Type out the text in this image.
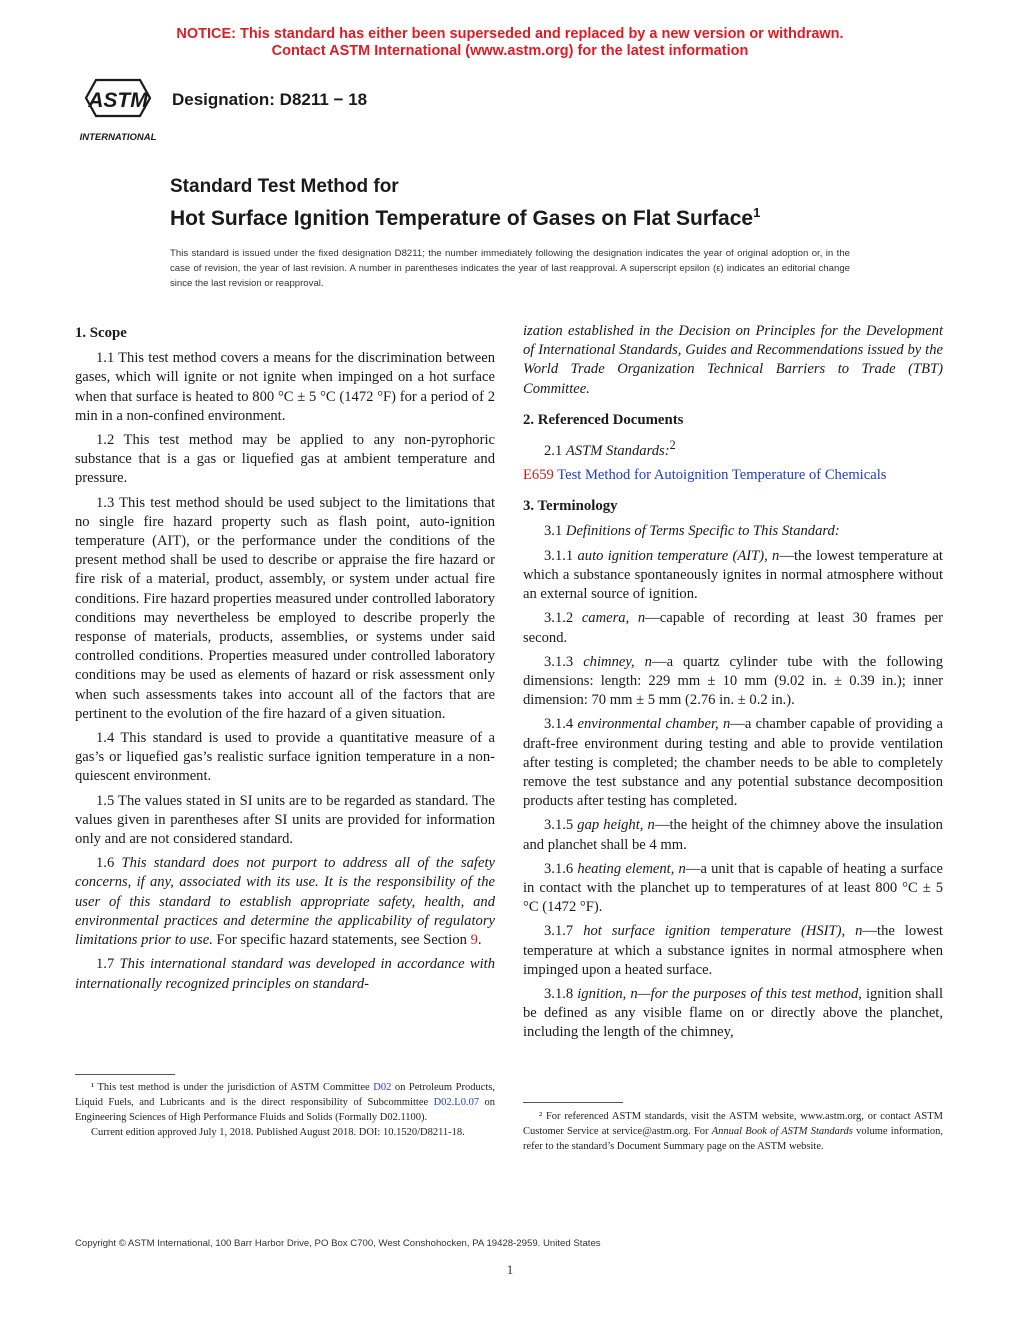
NOTICE: This standard has either been superseded and replaced by a new version or withdrawn.
Contact ASTM International (www.astm.org) for the latest information
ASTM
INTERNATIONAL
Designation: D8211 − 18
Standard Test Method for
Hot Surface Ignition Temperature of Gases on Flat Surface$^1$
This standard is issued under the fixed designation D8211; the number immediately following the designation indicates the year of original adoption or, in the case of revision, the year of last revision. A number in parentheses indicates the year of last reapproval. A superscript epsilon (ε) indicates an editorial change since the last revision or reapproval.
1. Scope

1.1 This test method covers a means for the discrimination between gases, which will ignite or not ignite when impinged on a hot surface when that surface is heated to 800 °C ± 5 °C (1472 °F) for a period of 2 min in a non-confined environment.

1.2 This test method may be applied to any non-pyrophoric substance that is a gas or liquefied gas at ambient temperature and pressure.

1.3 This test method should be used subject to the limitations that no single fire hazard property such as flash point, auto-ignition temperature (AIT), or the performance under the conditions of the present method shall be used to describe or appraise the fire hazard or fire risk of a material, product, assembly, or system under actual fire conditions. Fire hazard properties measured under controlled laboratory conditions may nevertheless be employed to describe properly the response of materials, products, assemblies, or systems under said controlled conditions. Properties measured under controlled laboratory conditions may be used as elements of hazard or risk assessment only when such assessments takes into account all of the factors that are pertinent to the evolution of the fire hazard of a given situation.

1.4 This standard is used to provide a quantitative measure of a gas’s or liquefied gas’s realistic surface ignition temperature in a non-quiescent environment.

1.5 The values stated in SI units are to be regarded as standard. The values given in parentheses after SI units are provided for information only and are not considered standard.

1.6 This standard does not purport to address all of the safety concerns, if any, associated with its use. It is the responsibility of the user of this standard to establish appropriate safety, health, and environmental practices and determine the applicability of regulatory limitations prior to use. For specific hazard statements, see Section 9.

1.7 This international standard was developed in accordance with internationally recognized principles on standard-

ization established in the Decision on Principles for the Development of International Standards, Guides and Recommendations issued by the World Trade Organization Technical Barriers to Trade (TBT) Committee.

2. Referenced Documents

2.1 ASTM Standards:$^2$

E659 Test Method for Autoignition Temperature of Chemicals

3. Terminology

3.1 Definitions of Terms Specific to This Standard:

3.1.1 auto ignition temperature (AIT), n—the lowest temperature at which a substance spontaneously ignites in normal atmosphere without an external source of ignition.

3.1.2 camera, n—capable of recording at least 30 frames per second.

3.1.3 chimney, n—a quartz cylinder tube with the following dimensions: length: 229 mm ± 10 mm (9.02 in. ± 0.39 in.); inner dimension: 70 mm ± 5 mm (2.76 in. ± 0.2 in.).

3.1.4 environmental chamber, n—a chamber capable of providing a draft-free environment during testing and able to provide ventilation after testing is completed; the chamber needs to be able to completely remove the test substance and any potential substance decomposition products after testing has completed.

3.1.5 gap height, n—the height of the chimney above the insulation and planchet shall be 4 mm.

3.1.6 heating element, n—a unit that is capable of heating a surface in contact with the planchet up to temperatures of at least 800 °C ± 5 °C (1472 °F).

3.1.7 hot surface ignition temperature (HSIT), n—the lowest temperature at which a substance ignites in normal atmosphere when impinged upon a heated surface.

3.1.8 ignition, n—for the purposes of this test method, ignition shall be defined as any visible flame on or directly above the planchet, including the length of the chimney,

¹ This test method is under the jurisdiction of ASTM Committee D02 on Petroleum Products, Liquid Fuels, and Lubricants and is the direct responsibility of Subcommittee D02.L0.07 on Engineering Sciences of High Performance Fluids and Solids (Formally D02.1100).

Current edition approved July 1, 2018. Published August 2018. DOI: 10.1520/D8211-18.

² For referenced ASTM standards, visit the ASTM website, www.astm.org, or contact ASTM Customer Service at service@astm.org. For Annual Book of ASTM Standards volume information, refer to the standard’s Document Summary page on the ASTM website.

Copyright © ASTM International, 100 Barr Harbor Drive, PO Box C700, West Conshohocken, PA 19428-2959. United States
1
